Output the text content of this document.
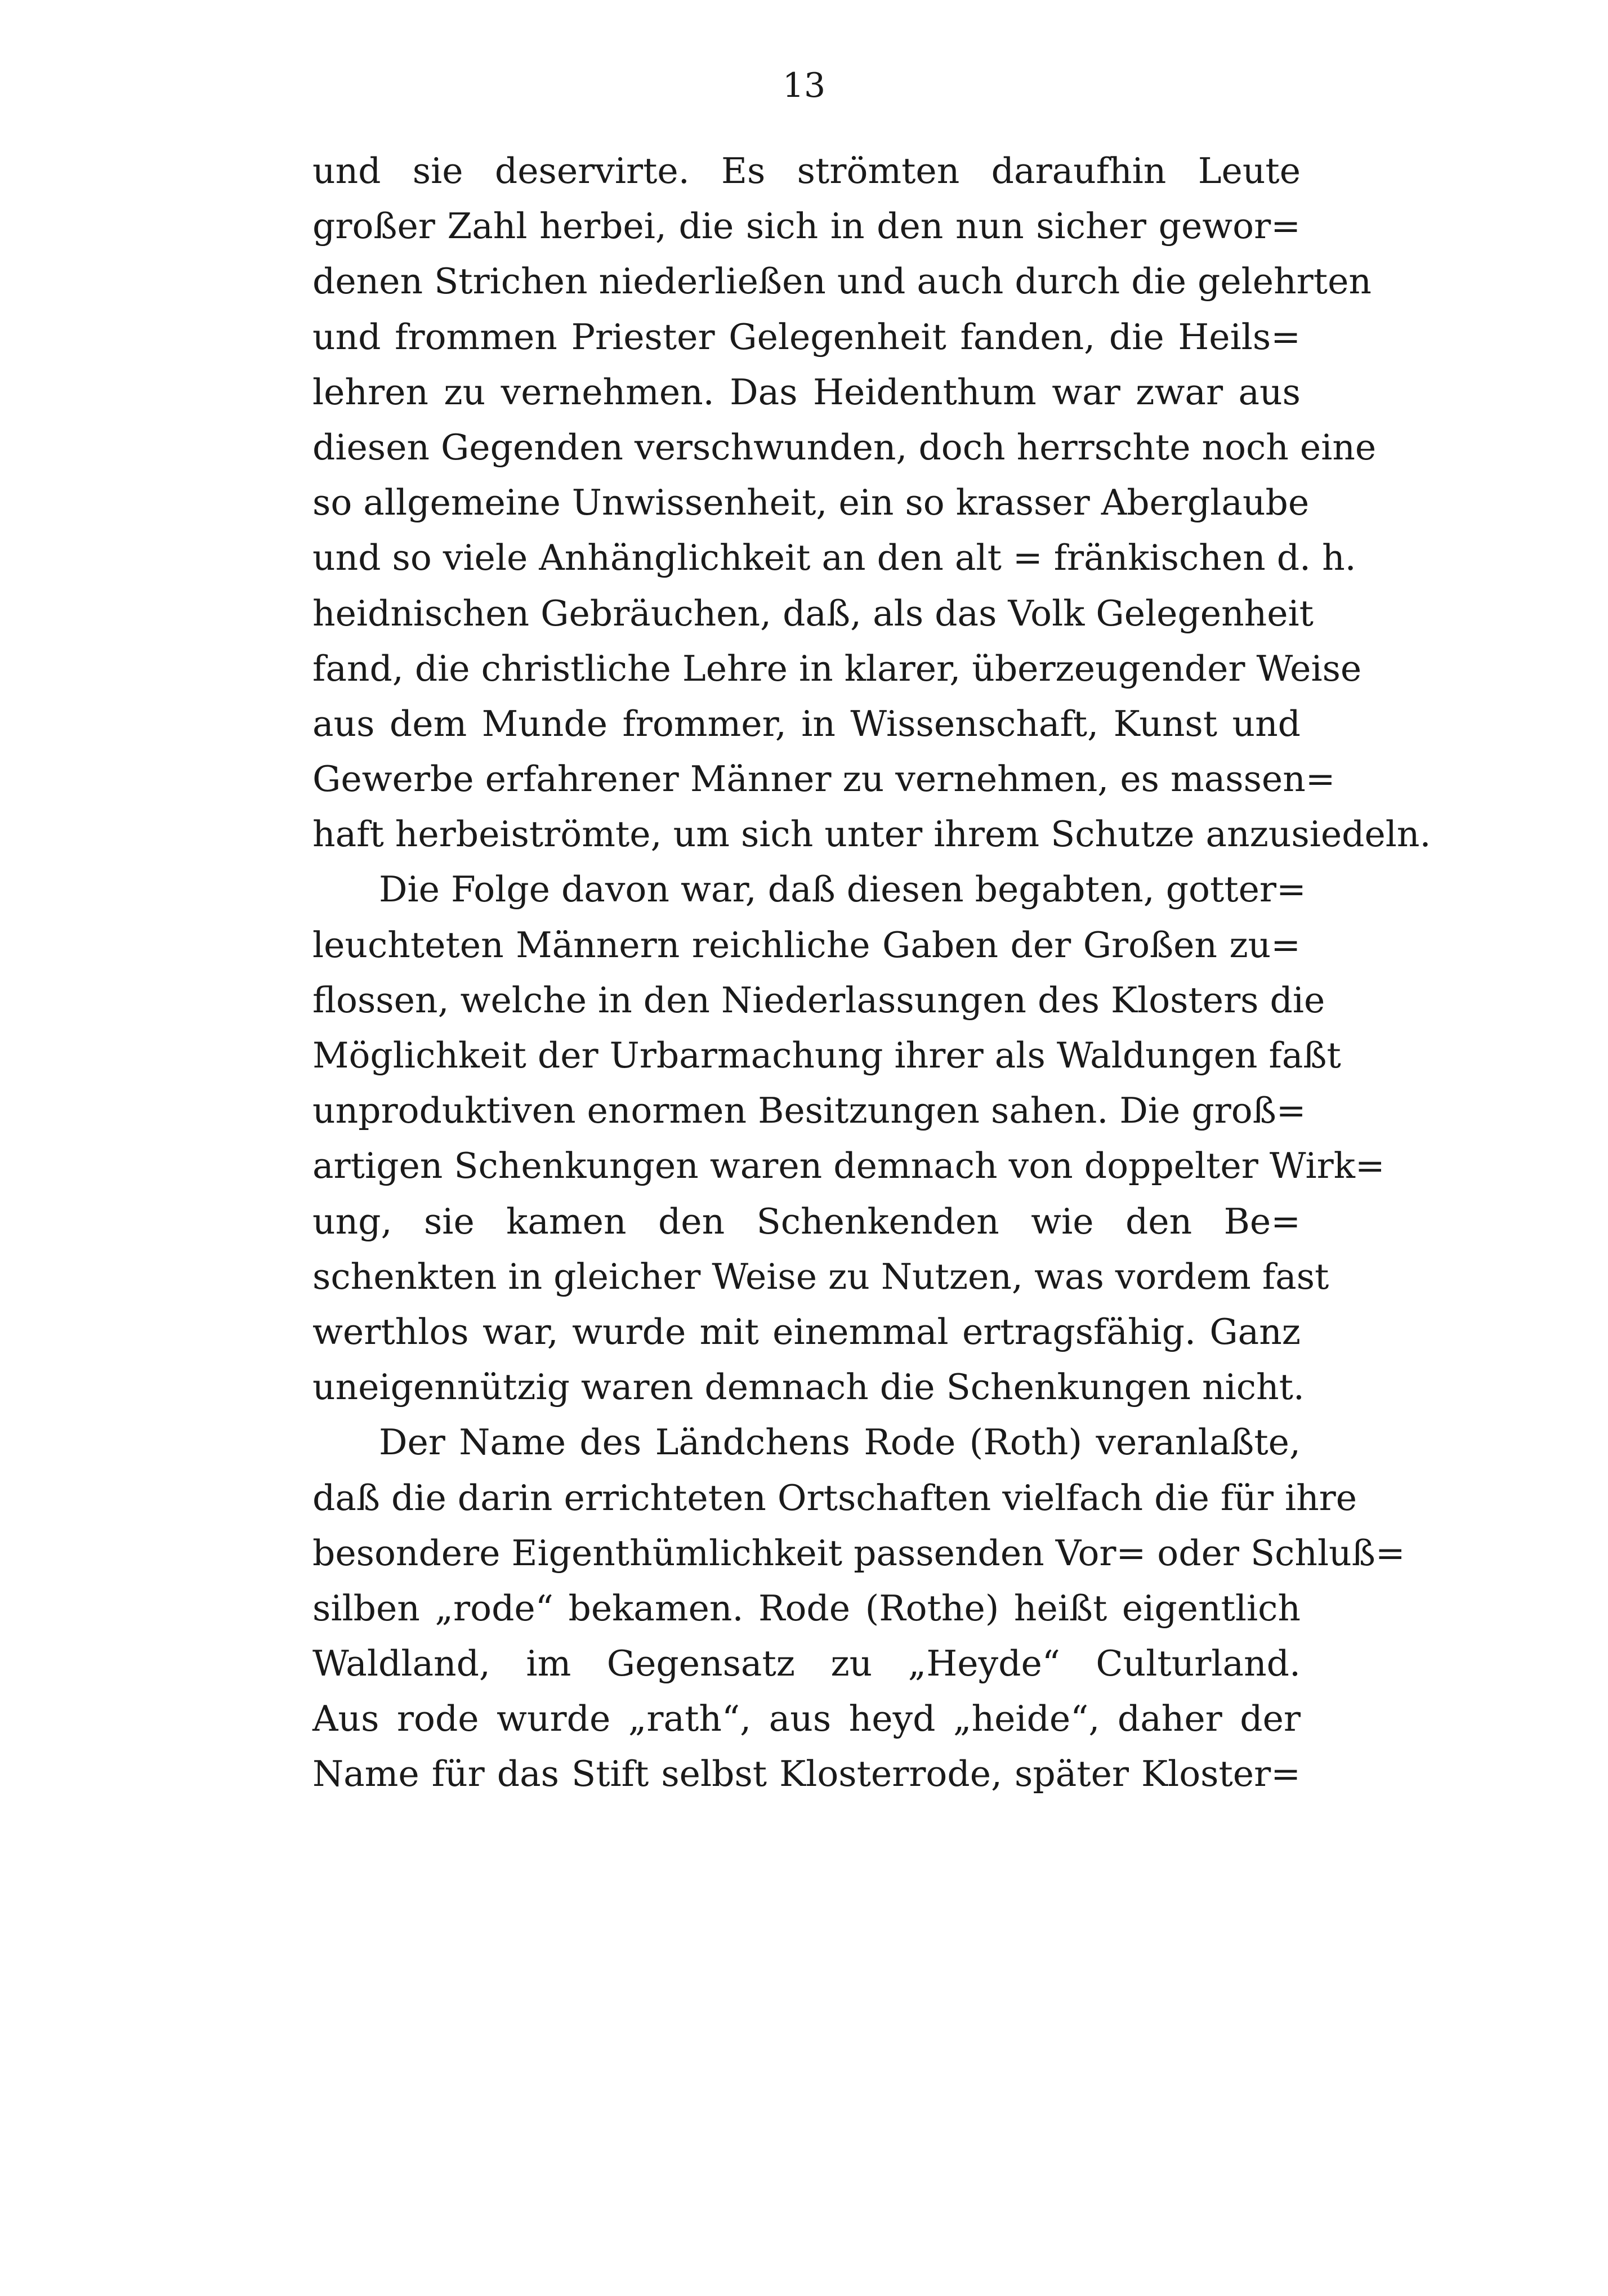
13
und sie deservirte. Es strömten daraufhin Leute
großer Zahl herbei, die sich in den nun sicher gewor=
denen Strichen niederließen und auch durch die gelehrten
und frommen Priester Gelegenheit fanden, die Heils=
lehren zu vernehmen. Das Heidenthum war zwar aus
diesen Gegenden verschwunden, doch herrschte noch eine
so allgemeine Unwissenheit, ein so krasser Aberglaube
und so viele Anhänglichkeit an den alt = fränkischen d. h.
heidnischen Gebräuchen, daß, als das Volk Gelegenheit
fand, die christliche Lehre in klarer, überzeugender Weise
aus dem Munde frommer, in Wissenschaft, Kunst und
Gewerbe erfahrener Männer zu vernehmen, es massen=
haft herbeiströmte, um sich unter ihrem Schutze anzusiedeln.
Die Folge davon war, daß diesen begabten, gotter=
leuchteten Männern reichliche Gaben der Großen zu=
flossen, welche in den Niederlassungen des Klosters die
Möglichkeit der Urbarmachung ihrer als Waldungen faßt
unproduktiven enormen Besitzungen sahen. Die groß=
artigen Schenkungen waren demnach von doppelter Wirk=
ung, sie kamen den Schenkenden wie den Be=
schenkten in gleicher Weise zu Nutzen, was vordem fast
werthlos war, wurde mit einemmal ertragsfähig. Ganz
uneigennützig waren demnach die Schenkungen nicht.
Der Name des Ländchens Rode (Roth) veranlaßte,
daß die darin errichteten Ortschaften vielfach die für ihre
besondere Eigenthümlichkeit passenden Vor= oder Schluß=
silben „rode“ bekamen. Rode (Rothe) heißt eigentlich
Waldland, im Gegensatz zu „Heyde“ Culturland.
Aus rode wurde „rath“, aus heyd „heide“, daher der
Name für das Stift selbst Klosterrode, später Kloster=
